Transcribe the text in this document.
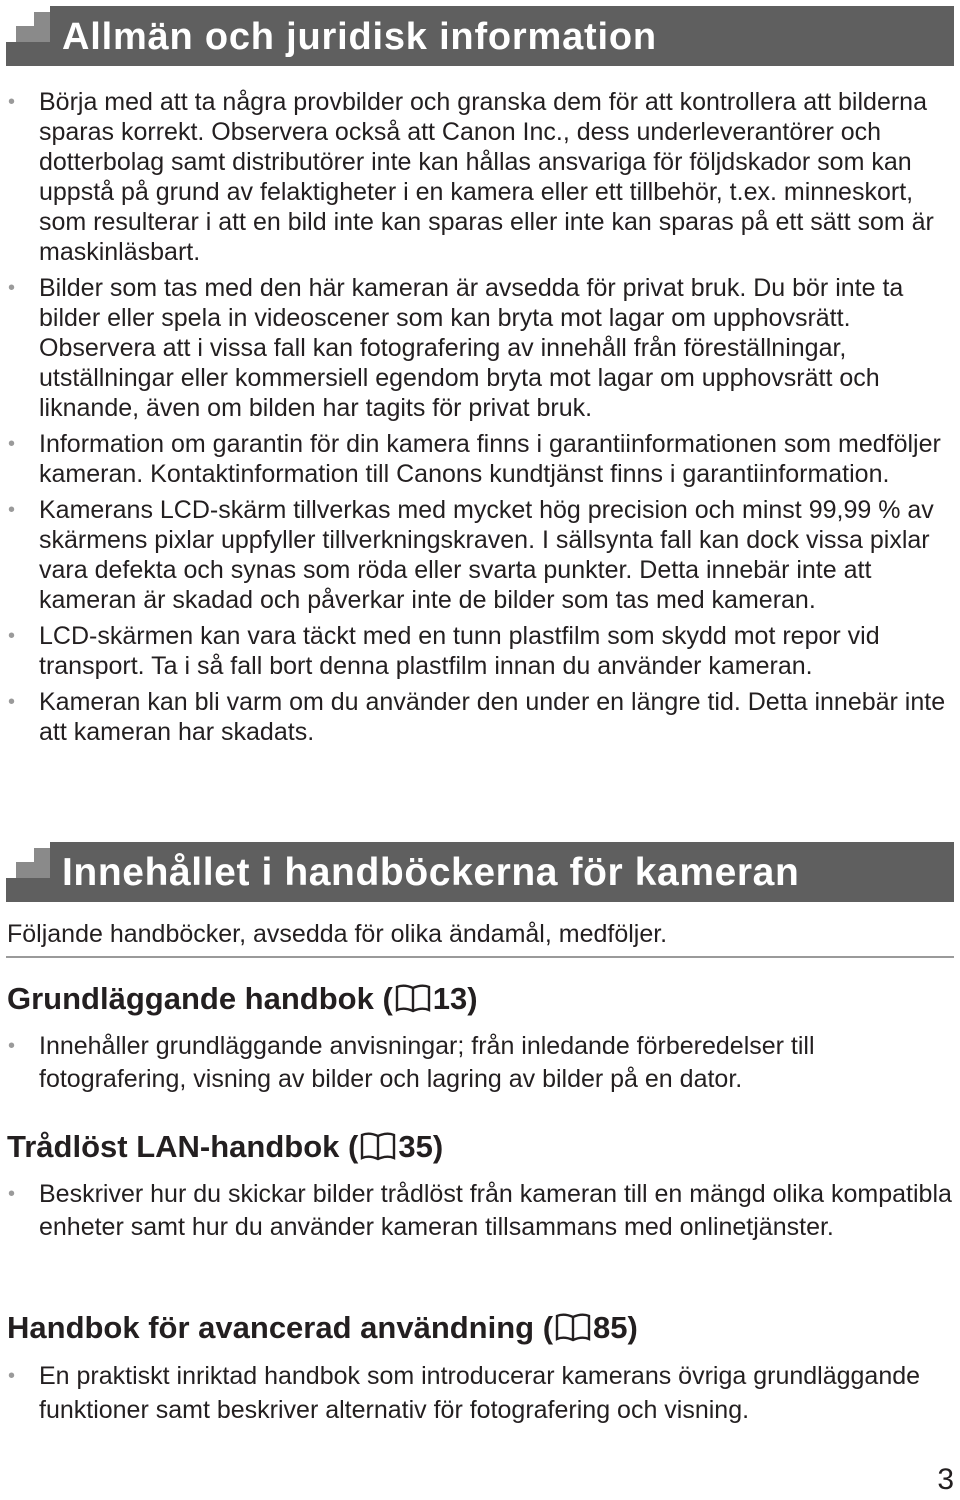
Allmän och juridisk information
• Börja med att ta några provbilder och granska dem för att kontrollera att bilderna sparas korrekt. Observera också att Canon Inc., dess underleverantörer och dotterbolag samt distributörer inte kan hållas ansvariga för följdskador som kan uppstå på grund av felaktigheter i en kamera eller ett tillbehör, t.ex. minneskort, som resulterar i att en bild inte kan sparas eller inte kan sparas på ett sätt som är maskinläsbart.
• Bilder som tas med den här kameran är avsedda för privat bruk. Du bör inte ta bilder eller spela in videoscener som kan bryta mot lagar om upphovsrätt. Observera att i vissa fall kan fotografering av innehåll från föreställningar, utställningar eller kommersiell egendom bryta mot lagar om upphovsrätt och liknande, även om bilden har tagits för privat bruk.
• Information om garantin för din kamera finns i garantiinformationen som medföljer kameran. Kontaktinformation till Canons kundtjänst finns i garantiinformation.
• Kamerans LCD-skärm tillverkas med mycket hög precision och minst 99,99 % av skärmens pixlar uppfyller tillverkningskraven. I sällsynta fall kan dock vissa pixlar vara defekta och synas som röda eller svarta punkter. Detta innebär inte att kameran är skadad och påverkar inte de bilder som tas med kameran.
• LCD-skärmen kan vara täckt med en tunn plastfilm som skydd mot repor vid transport. Ta i så fall bort denna plastfilm innan du använder kameran.
• Kameran kan bli varm om du använder den under en längre tid. Detta innebär inte att kameran har skadats.
Innehållet i handböckerna för kameran
Följande handböcker, avsedda för olika ändamål, medföljer.
Grundläggande handbok ( 13)
• Innehåller grundläggande anvisningar; från inledande förberedelser till fotografering, visning av bilder och lagring av bilder på en dator.
Trådlöst LAN-handbok ( 35)
• Beskriver hur du skickar bilder trådlöst från kameran till en mängd olika kompatibla enheter samt hur du använder kameran tillsammans med onlinetjänster.
Handbok för avancerad användning ( 85)
• En praktiskt inriktad handbok som introducerar kamerans övriga grundläggande funktioner samt beskriver alternativ för fotografering och visning.
3
